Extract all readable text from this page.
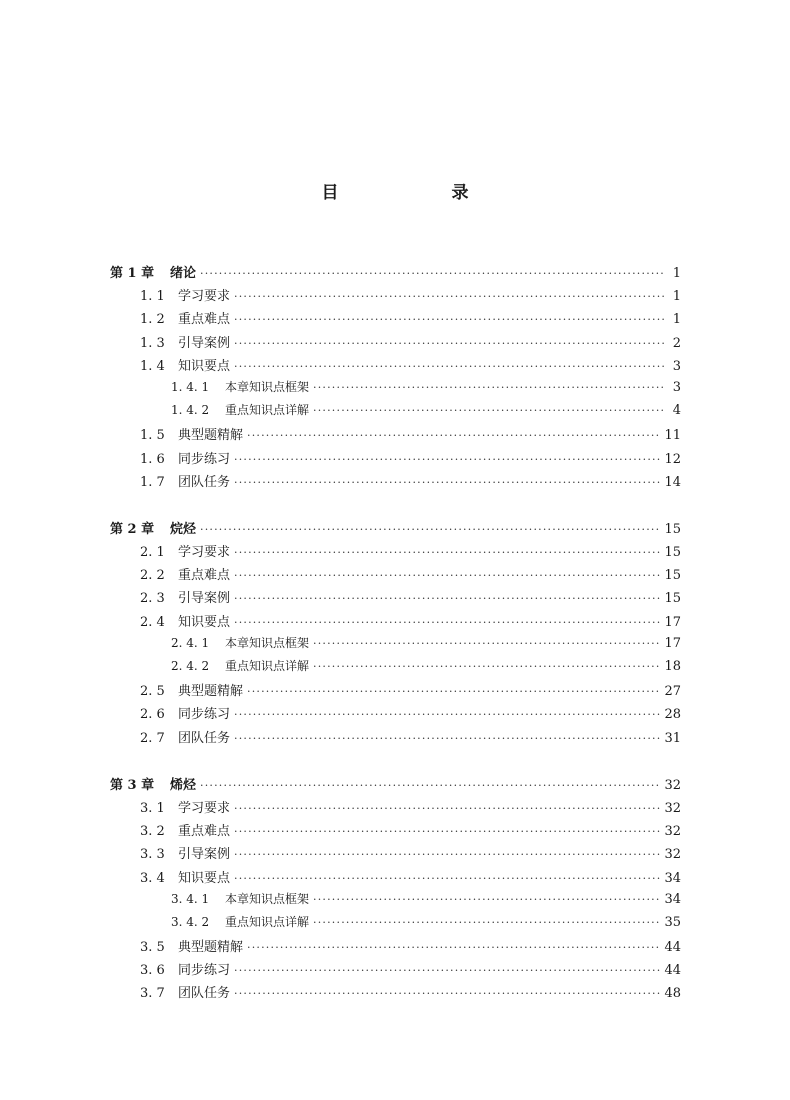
目　录
第 1 章	绪论 ·····	1
1. 1	学习要求 ·····	1
1. 2	重点难点 ·····	1
1. 3	引导案例 ·····	2
1. 4	知识要点 ·····	3
1. 4. 1	本章知识点框架 ·····	3
1. 4. 2	重点知识点详解 ·····	4
1. 5	典型题精解 ·····	11
1. 6	同步练习 ·····	12
1. 7	团队任务 ·····	14
第 2 章	烷烃 ·····	15
2. 1	学习要求 ·····	15
2. 2	重点难点 ·····	15
2. 3	引导案例 ·····	15
2. 4	知识要点 ·····	17
2. 4. 1	本章知识点框架 ·····	17
2. 4. 2	重点知识点详解 ·····	18
2. 5	典型题精解 ·····	27
2. 6	同步练习 ·····	28
2. 7	团队任务 ·····	31
第 3 章	烯烃 ·····	32
3. 1	学习要求 ·····	32
3. 2	重点难点 ·····	32
3. 3	引导案例 ·····	32
3. 4	知识要点 ·····	34
3. 4. 1	本章知识点框架 ·····	34
3. 4. 2	重点知识点详解 ·····	35
3. 5	典型题精解 ·····	44
3. 6	同步练习 ·····	44
3. 7	团队任务 ·····	48
